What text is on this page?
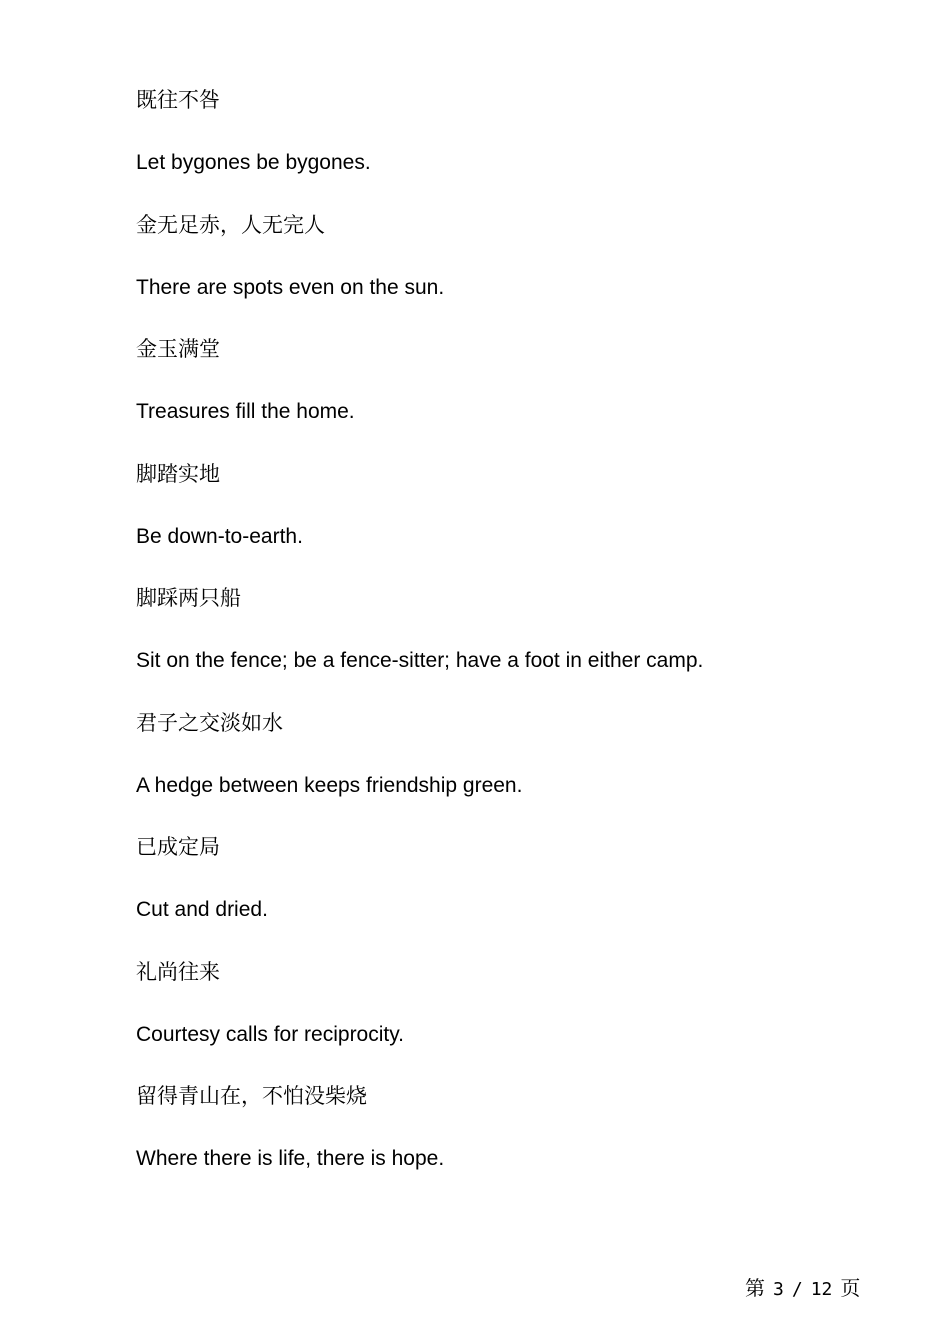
既往不咎
Let bygones be bygones.
金无足赤，人无完人
There are spots even on the sun.
金玉满堂
Treasures fill the home.
脚踏实地
Be down-to-earth.
脚踩两只船
Sit on the fence; be a fence-sitter; have a foot in either camp.
君子之交淡如水
A hedge between keeps friendship green.
已成定局
Cut and dried.
礼尚往来
Courtesy calls for reciprocity.
留得青山在，不怕没柴烧
Where there is life, there is hope.
第 3 / 12 页
